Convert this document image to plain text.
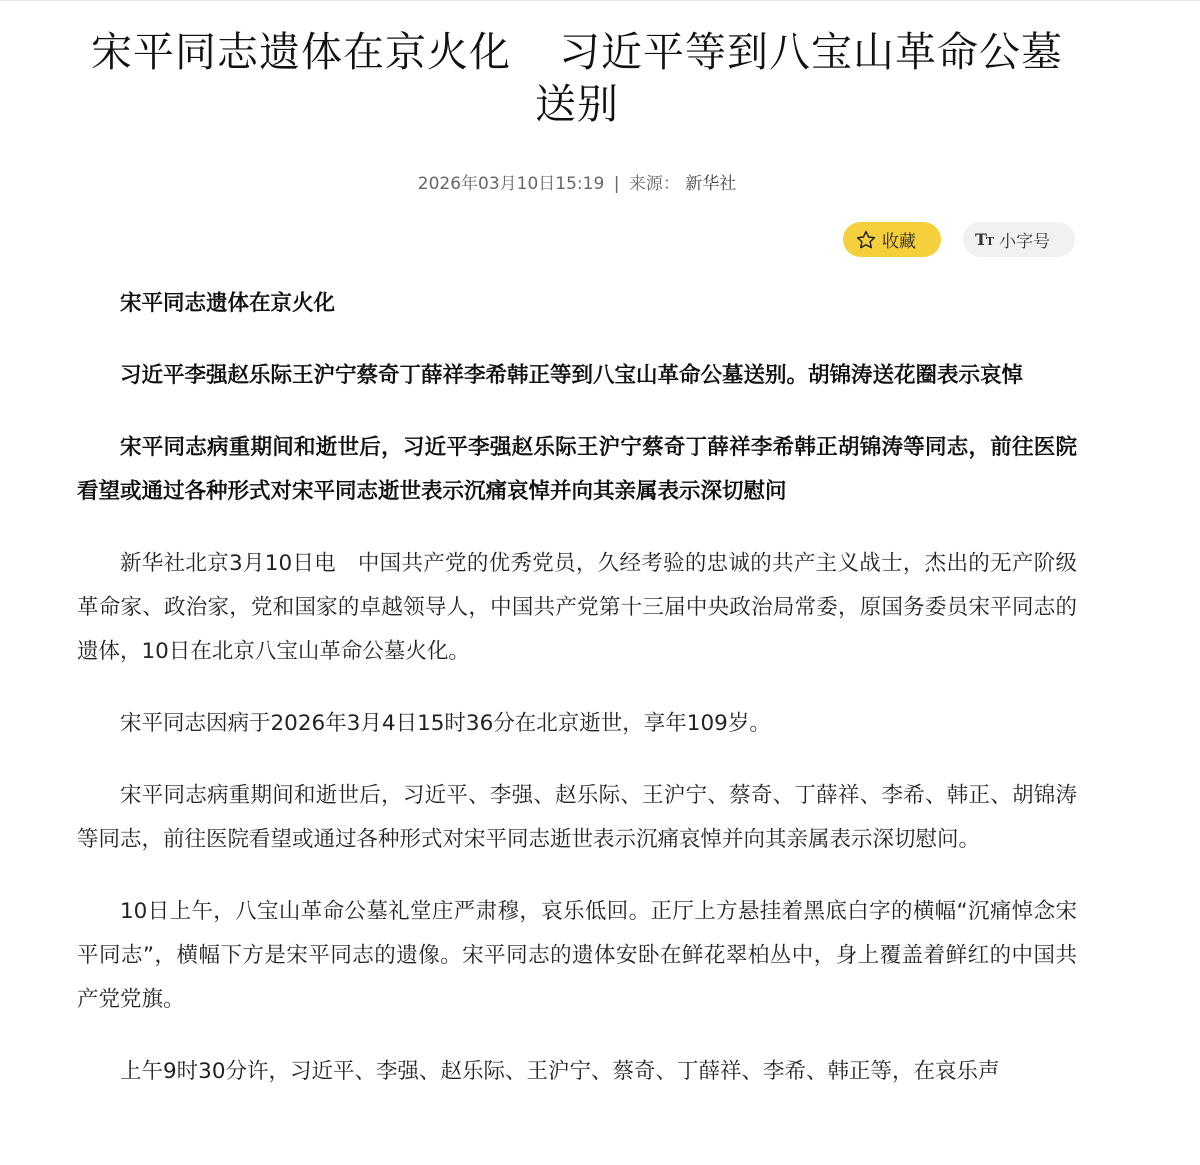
宋平同志遗体在京火化 习近平等到八宝山革命公墓送别
2026年03月10日15:19 | 来源： 新华社
收藏	TT 小字号

宋平同志遗体在京火化

习近平李强赵乐际王沪宁蔡奇丁薛祥李希韩正等到八宝山革命公墓送别。胡锦涛送花圈表示哀悼

宋平同志病重期间和逝世后，习近平李强赵乐际王沪宁蔡奇丁薛祥李希韩正胡锦涛等同志，前往医院看望或通过各种形式对宋平同志逝世表示沉痛哀悼并向其亲属表示深切慰问

新华社北京3月10日电　中国共产党的优秀党员，久经考验的忠诚的共产主义战士，杰出的无产阶级革命家、政治家，党和国家的卓越领导人，中国共产党第十三届中央政治局常委，原国务委员宋平同志的遗体，10日在北京八宝山革命公墓火化。

宋平同志因病于2026年3月4日15时36分在北京逝世，享年109岁。

宋平同志病重期间和逝世后，习近平、李强、赵乐际、王沪宁、蔡奇、丁薛祥、李希、韩正、胡锦涛等同志，前往医院看望或通过各种形式对宋平同志逝世表示沉痛哀悼并向其亲属表示深切慰问。

10日上午，八宝山革命公墓礼堂庄严肃穆，哀乐低回。正厅上方悬挂着黑底白字的横幅“沉痛悼念宋平同志”，横幅下方是宋平同志的遗像。宋平同志的遗体安卧在鲜花翠柏丛中，身上覆盖着鲜红的中国共产党党旗。

上午9时30分许，习近平、李强、赵乐际、王沪宁、蔡奇、丁薛祥、李希、韩正等，在哀乐声
